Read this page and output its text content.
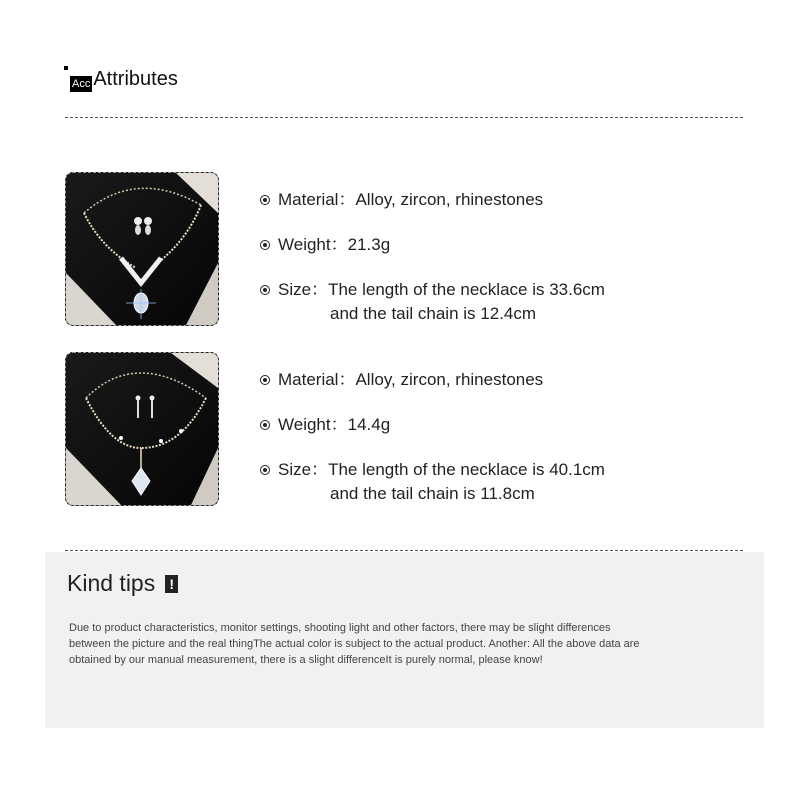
Acc Attributes
Material：Alloy, zircon, rhinestones
Weight：21.3g
Size：The length of the necklace is 33.6cm
and the tail chain is 12.4cm
Material：Alloy, zircon, rhinestones
Weight：14.4g
Size：The length of the necklace is 40.1cm
and the tail chain is 11.8cm
Kind tips !
Due to product characteristics, monitor settings, shooting light and other factors, there may be slight differences between the picture and the real thingThe actual color is subject to the actual product. Another: All the above data are obtained by our manual measurement, there is a slight differenceIt is purely normal, please know!
